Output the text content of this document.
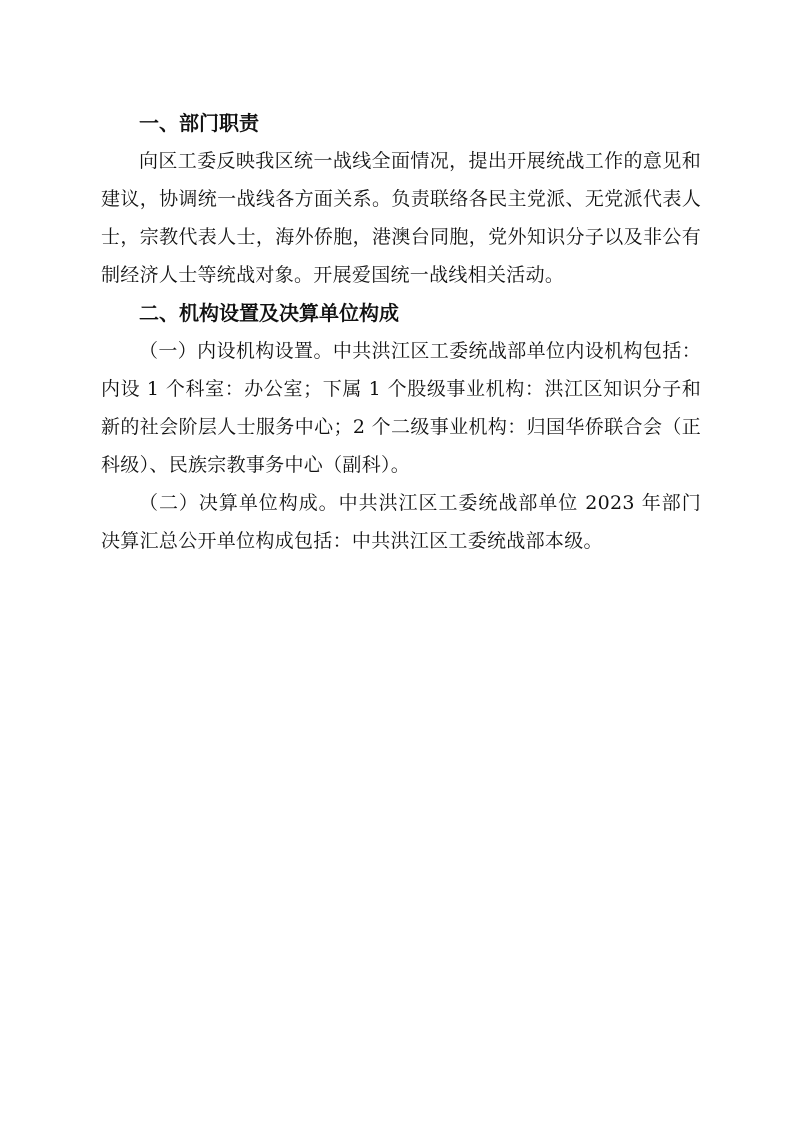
一、部门职责

向区工委反映我区统一战线全面情况，提出开展统战工作的意见和建议，协调统一战线各方面关系。负责联络各民主党派、无党派代表人士，宗教代表人士，海外侨胞，港澳台同胞，党外知识分子以及非公有制经济人士等统战对象。开展爱国统一战线相关活动。

二、机构设置及决算单位构成

（一）内设机构设置。中共洪江区工委统战部单位内设机构包括：内设 1 个科室：办公室；下属 1 个股级事业机构：洪江区知识分子和新的社会阶层人士服务中心；2 个二级事业机构：归国华侨联合会（正科级）、民族宗教事务中心（副科）。

（二）决算单位构成。中共洪江区工委统战部单位 2023 年部门决算汇总公开单位构成包括：中共洪江区工委统战部本级。
